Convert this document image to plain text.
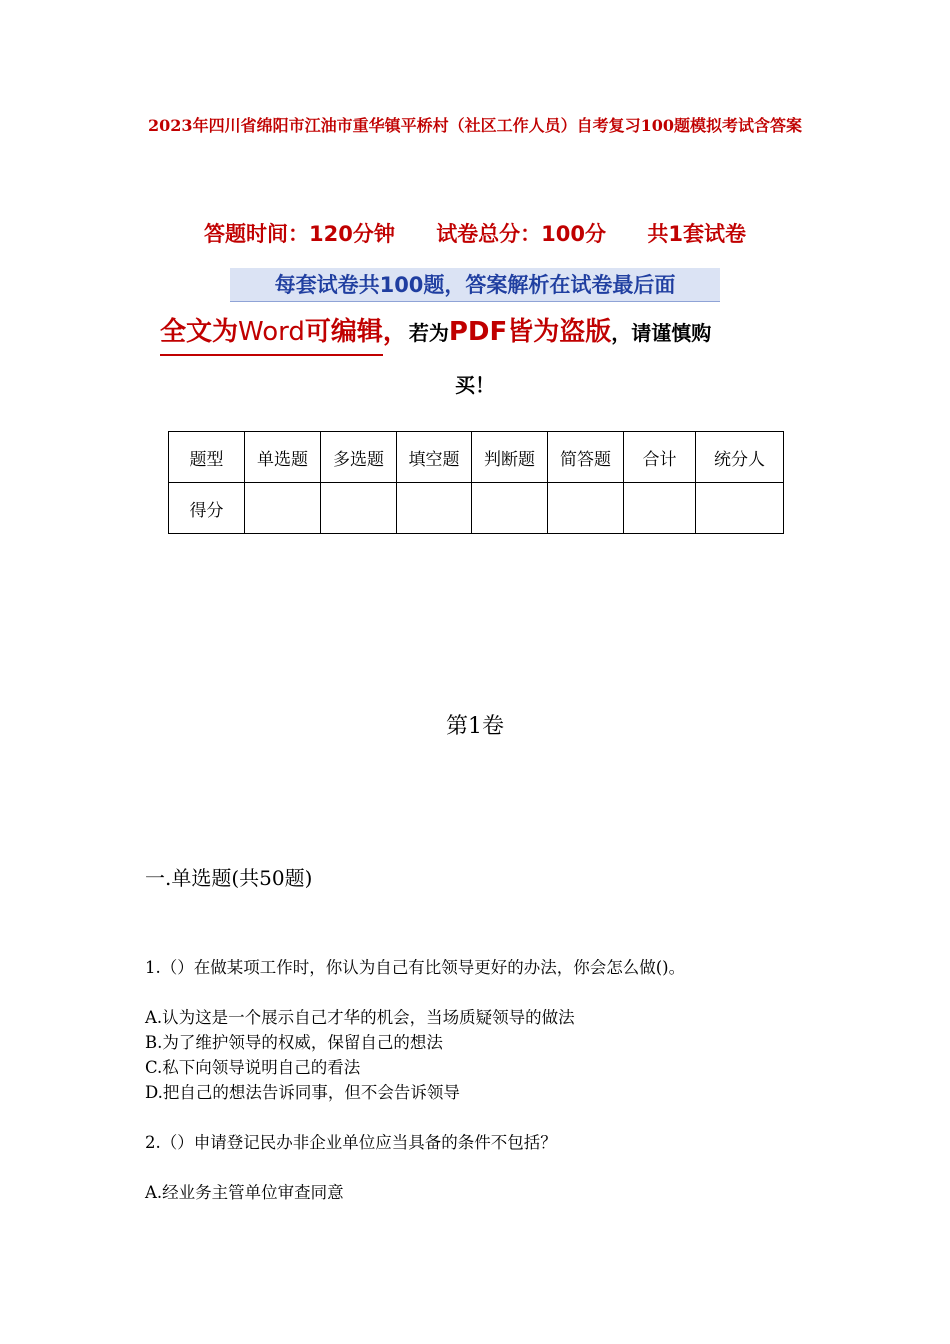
2023年四川省绵阳市江油市重华镇平桥村（社区工作人员）自考复习100题模拟考试含答案
答题时间：120分钟 试卷总分：100分 共1套试卷
每套试卷共100题，答案解析在试卷最后面
全文为Word可编辑，若为PDF皆为盗版，请谨慎购
买！
题型	单选题	多选题	填空题	判断题	简答题	合计	统分人
得分							
第1卷
一.单选题(共50题)
1.（）在做某项工作时，你认为自己有比领导更好的办法，你会怎么做()。
A.认为这是一个展示自己才华的机会，当场质疑领导的做法
B.为了维护领导的权威，保留自己的想法
C.私下向领导说明自己的看法
D.把自己的想法告诉同事，但不会告诉领导
2.（）申请登记民办非企业单位应当具备的条件不包括？
A.经业务主管单位审查同意
